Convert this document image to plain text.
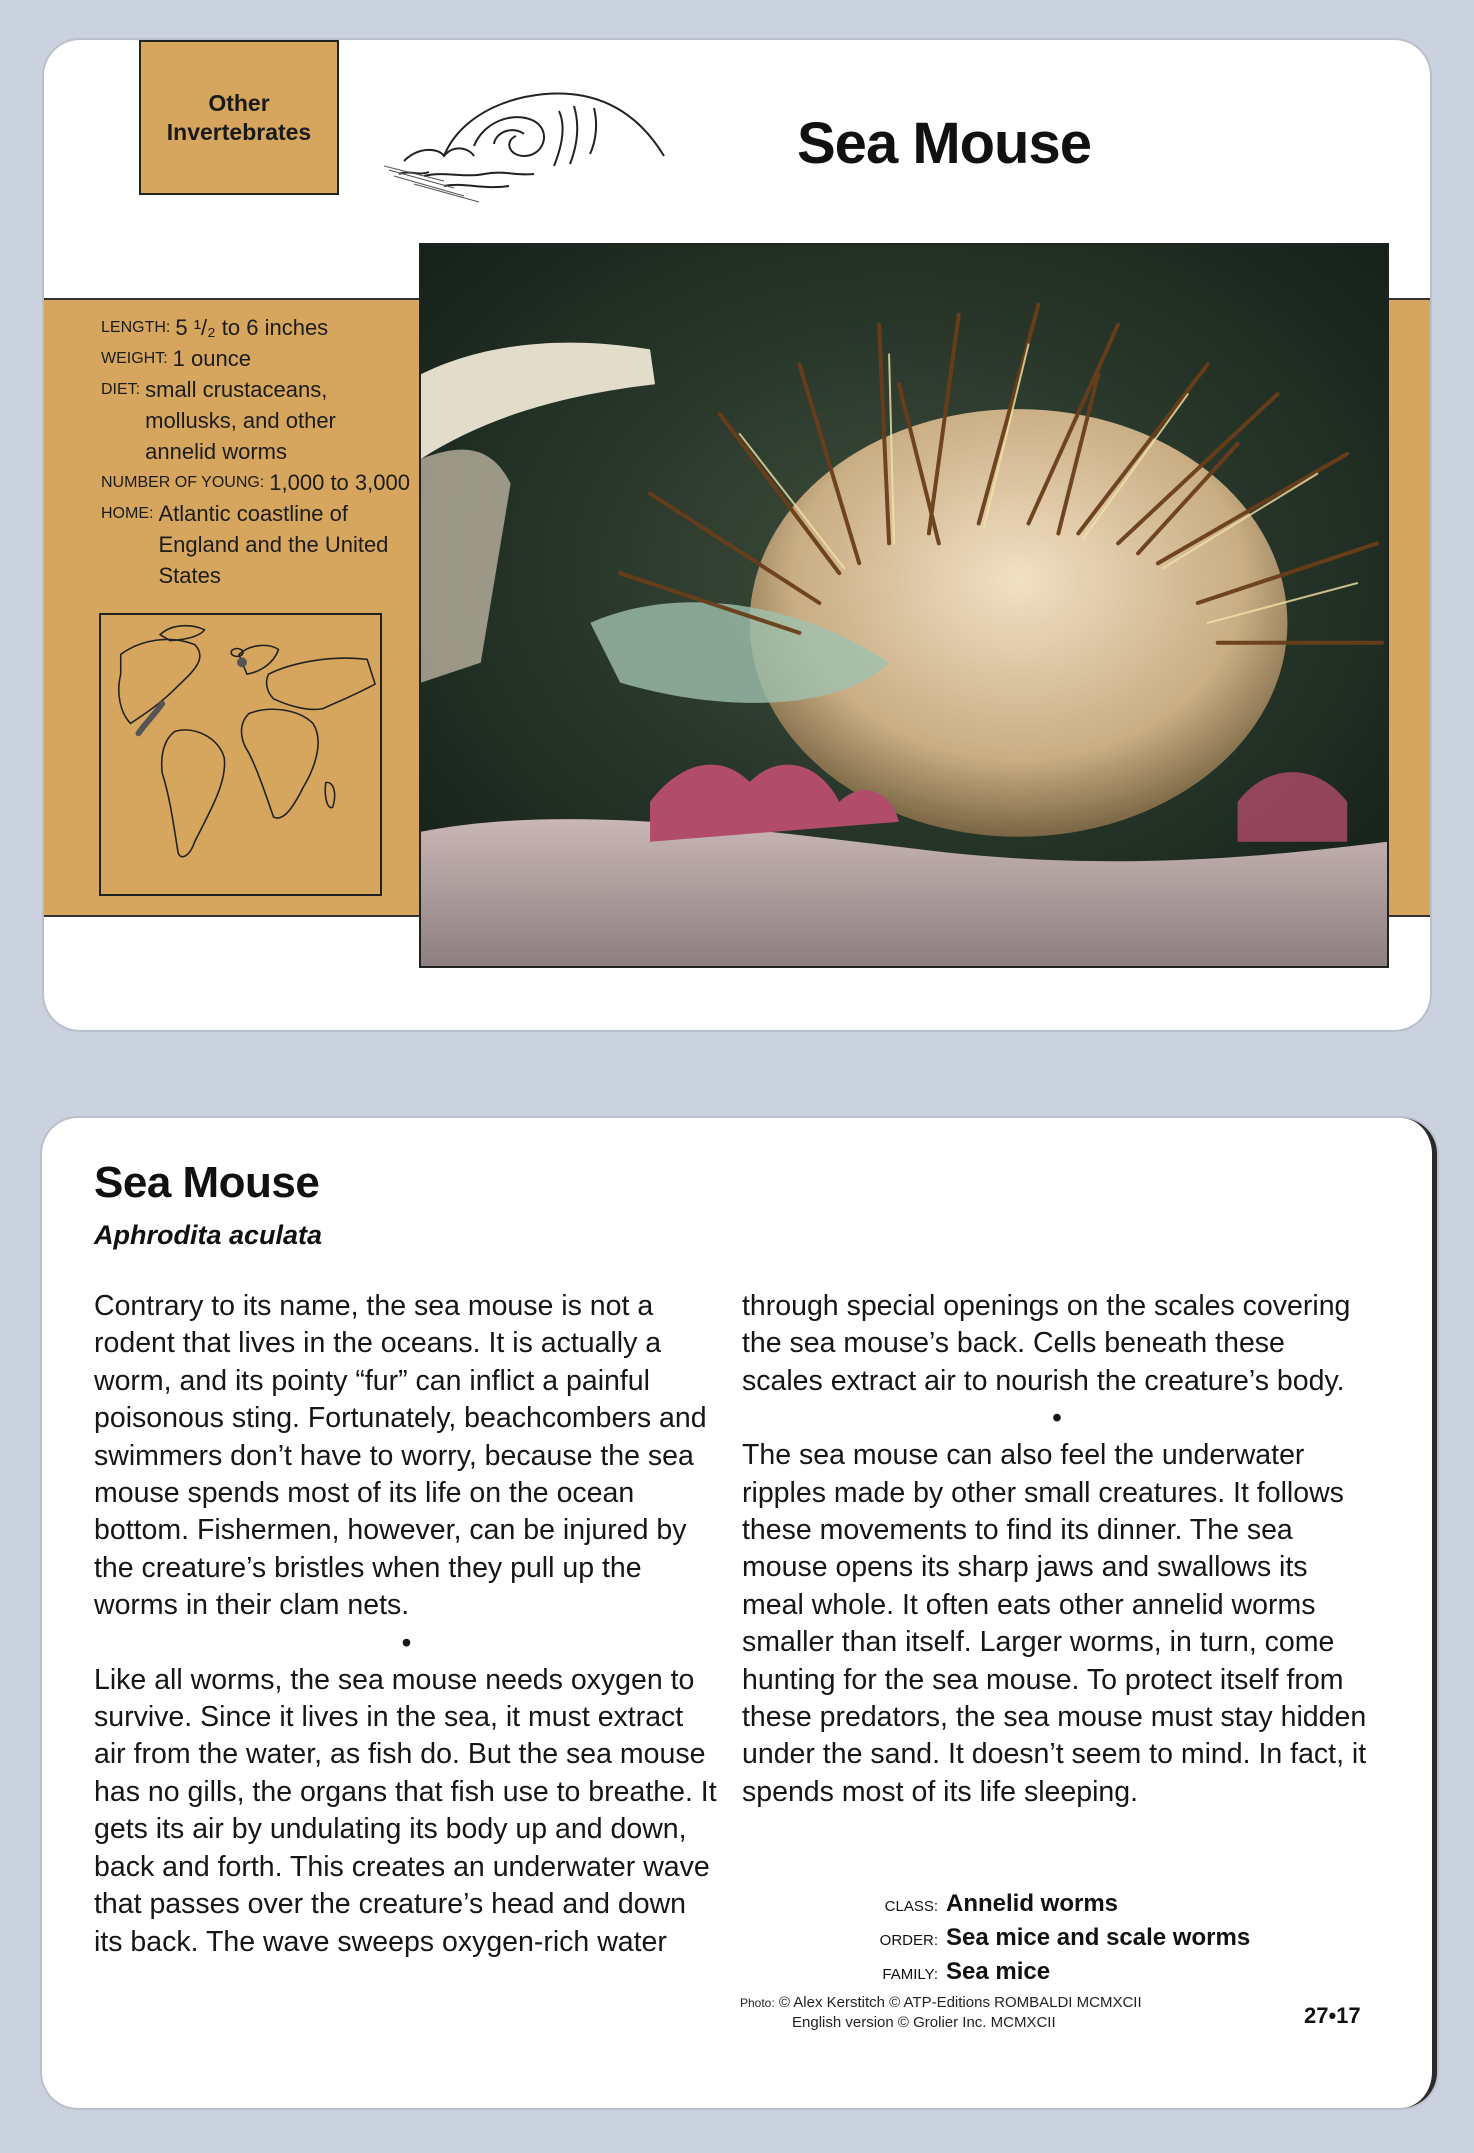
Other
Invertebrates	Sea Mouse
LENGTH: 5 ¹/₂ to 6 inches
WEIGHT: 1 ounce
DIET: small crustaceans, mollusks, and other annelid worms
NUMBER OF YOUNG: 1,000 to 3,000
HOME: Atlantic coastline of England and the United States
Sea Mouse
Aphrodita aculata

Contrary to its name, the sea mouse is not a rodent that lives in the oceans. It is actually a worm, and its pointy “fur” can inflict a painful poisonous sting. Fortunately, beachcombers and swimmers don’t have to worry, because the sea mouse spends most of its life on the ocean bottom. Fishermen, however, can be injured by the creature’s bristles when they pull up the worms in their clam nets.

•

Like all worms, the sea mouse needs oxygen to survive. Since it lives in the sea, it must extract air from the water, as fish do. But the sea mouse has no gills, the organs that fish use to breathe. It gets its air by undulating its body up and down, back and forth. This creates an underwater wave that passes over the creature’s head and down its back. The wave sweeps oxygen-rich water

through special openings on the scales covering the sea mouse’s back. Cells beneath these scales extract air to nourish the creature’s body.

•

The sea mouse can also feel the underwater ripples made by other small creatures. It follows these movements to find its dinner. The sea mouse opens its sharp jaws and swallows its meal whole. It often eats other annelid worms smaller than itself. Larger worms, in turn, come hunting for the sea mouse. To protect itself from these predators, the sea mouse must stay hidden under the sand. It doesn’t seem to mind. In fact, it spends most of its life sleeping.

CLASS: Annelid worms
ORDER: Sea mice and scale worms
FAMILY: Sea mice
Photo: © Alex Kerstitch © ATP-Editions ROMBALDI MCMXCII
English version © Grolier Inc. MCMXCII	27•17
